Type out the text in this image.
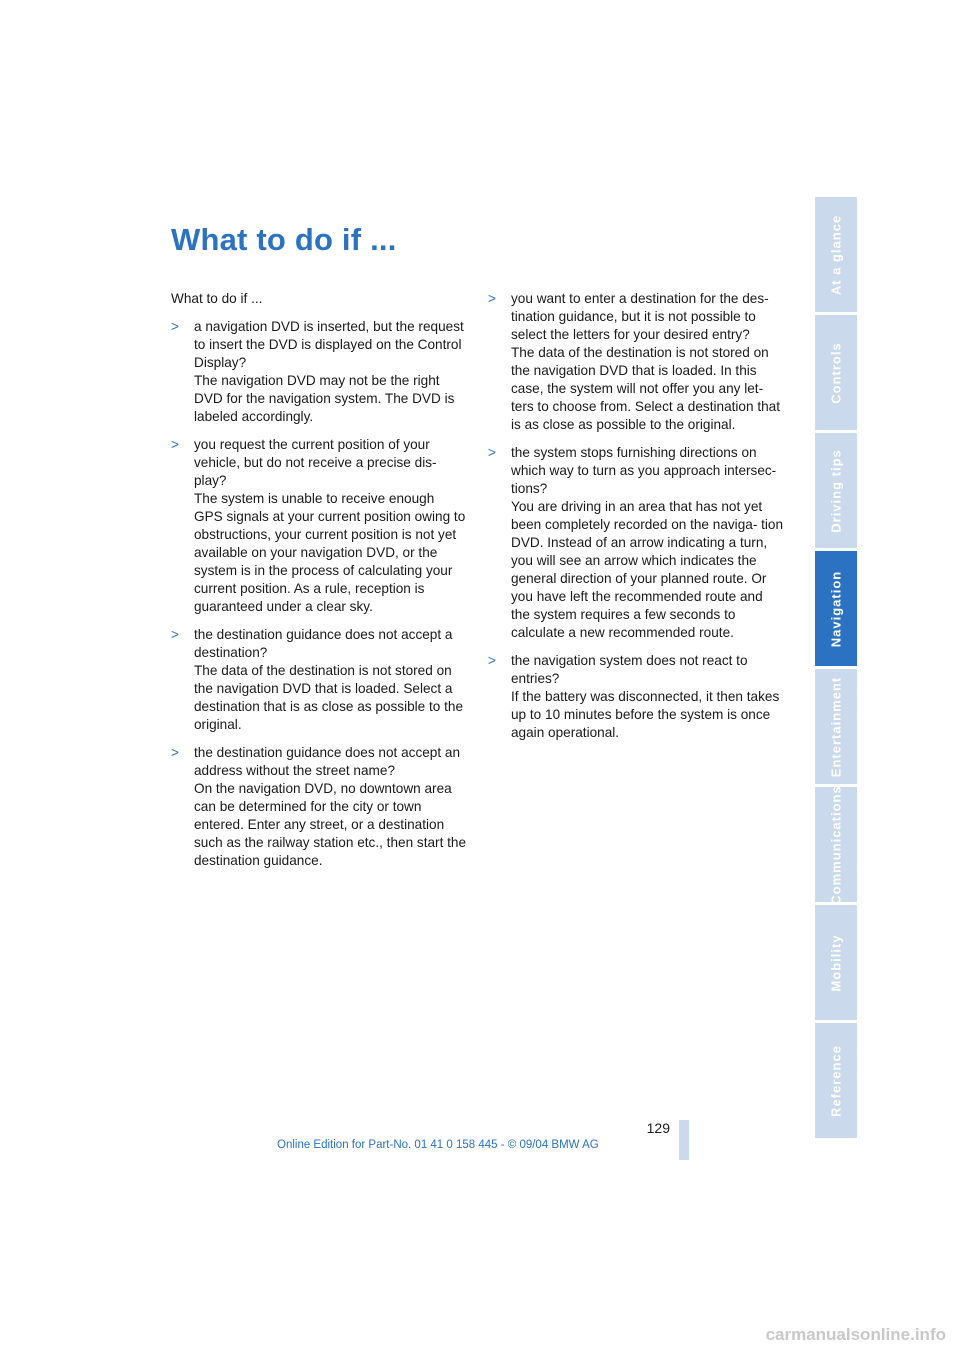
What to do if ...

What to do if ...

> a navigation DVD is inserted, but the request to insert the DVD is displayed on the Control Display?

The navigation DVD may not be the right DVD for the navigation system. The DVD is labeled accordingly.

> you request the current position of your vehicle, but do not receive a precise dis- play?

The system is unable to receive enough GPS signals at your current position owing to obstructions, your current position is not yet available on your navigation DVD, or the system is in the process of calculating your current position. As a rule, reception is guaranteed under a clear sky.

> the destination guidance does not accept a destination?

The data of the destination is not stored on the navigation DVD that is loaded. Select a destination that is as close as possible to the original.

> the destination guidance does not accept an address without the street name?

On the navigation DVD, no downtown area can be determined for the city or town entered. Enter any street, or a destination such as the railway station etc., then start the destination guidance.

> you want to enter a destination for the des- tination guidance, but it is not possible to select the letters for your desired entry?

The data of the destination is not stored on the navigation DVD that is loaded. In this case, the system will not offer you any let- ters to choose from. Select a destination that is as close as possible to the original.

> the system stops furnishing directions on which way to turn as you approach intersec- tions?

You are driving in an area that has not yet been completely recorded on the naviga- tion DVD. Instead of an arrow indicating a turn, you will see an arrow which indicates the general direction of your planned route. Or you have left the recommended route and the system requires a few seconds to calculate a new recommended route.

> the navigation system does not react to entries?

If the battery was disconnected, it then takes up to 10 minutes before the system is once again operational.

At a glance
Controls
Driving tips
Navigation
Entertainment
Communications
Mobility
Reference
129
Online Edition for Part-No. 01 41 0 158 445 - © 09/04 BMW AG
carmanualsonline.info
